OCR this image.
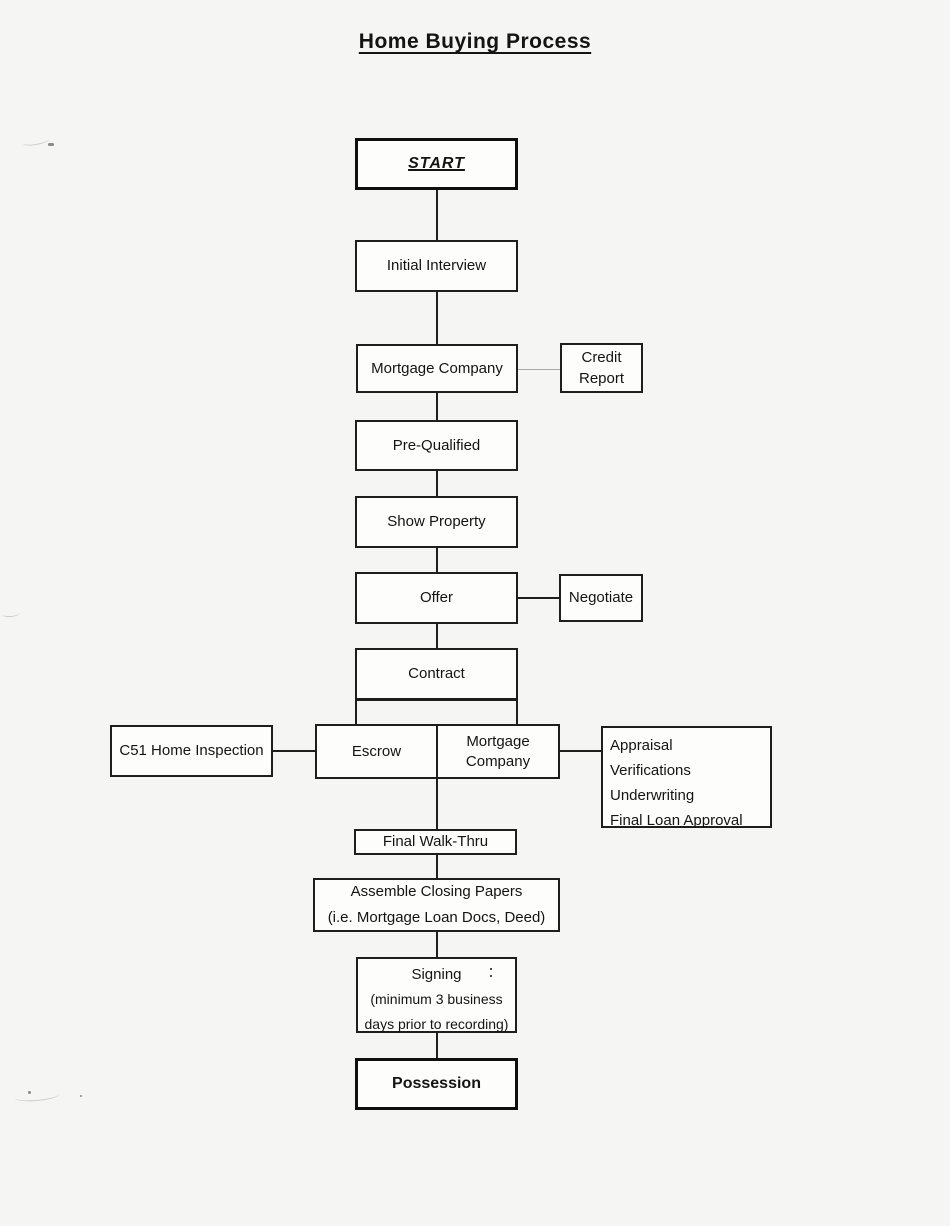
Home Buying Process
START
Initial Interview
Mortgage Company
Credit
Report
Pre-Qualified
Show Property
Offer	Negotiate
Contract
C51 Home Inspection	Escrow
Mortgage
Company
Appraisal
Verifications
Underwriting
Final Loan Approval
Final Walk-Thru
Assemble Closing Papers
(i.e. Mortgage Loan Docs, Deed)
Signing
(minimum 3 business
days prior to recording)
Possession
